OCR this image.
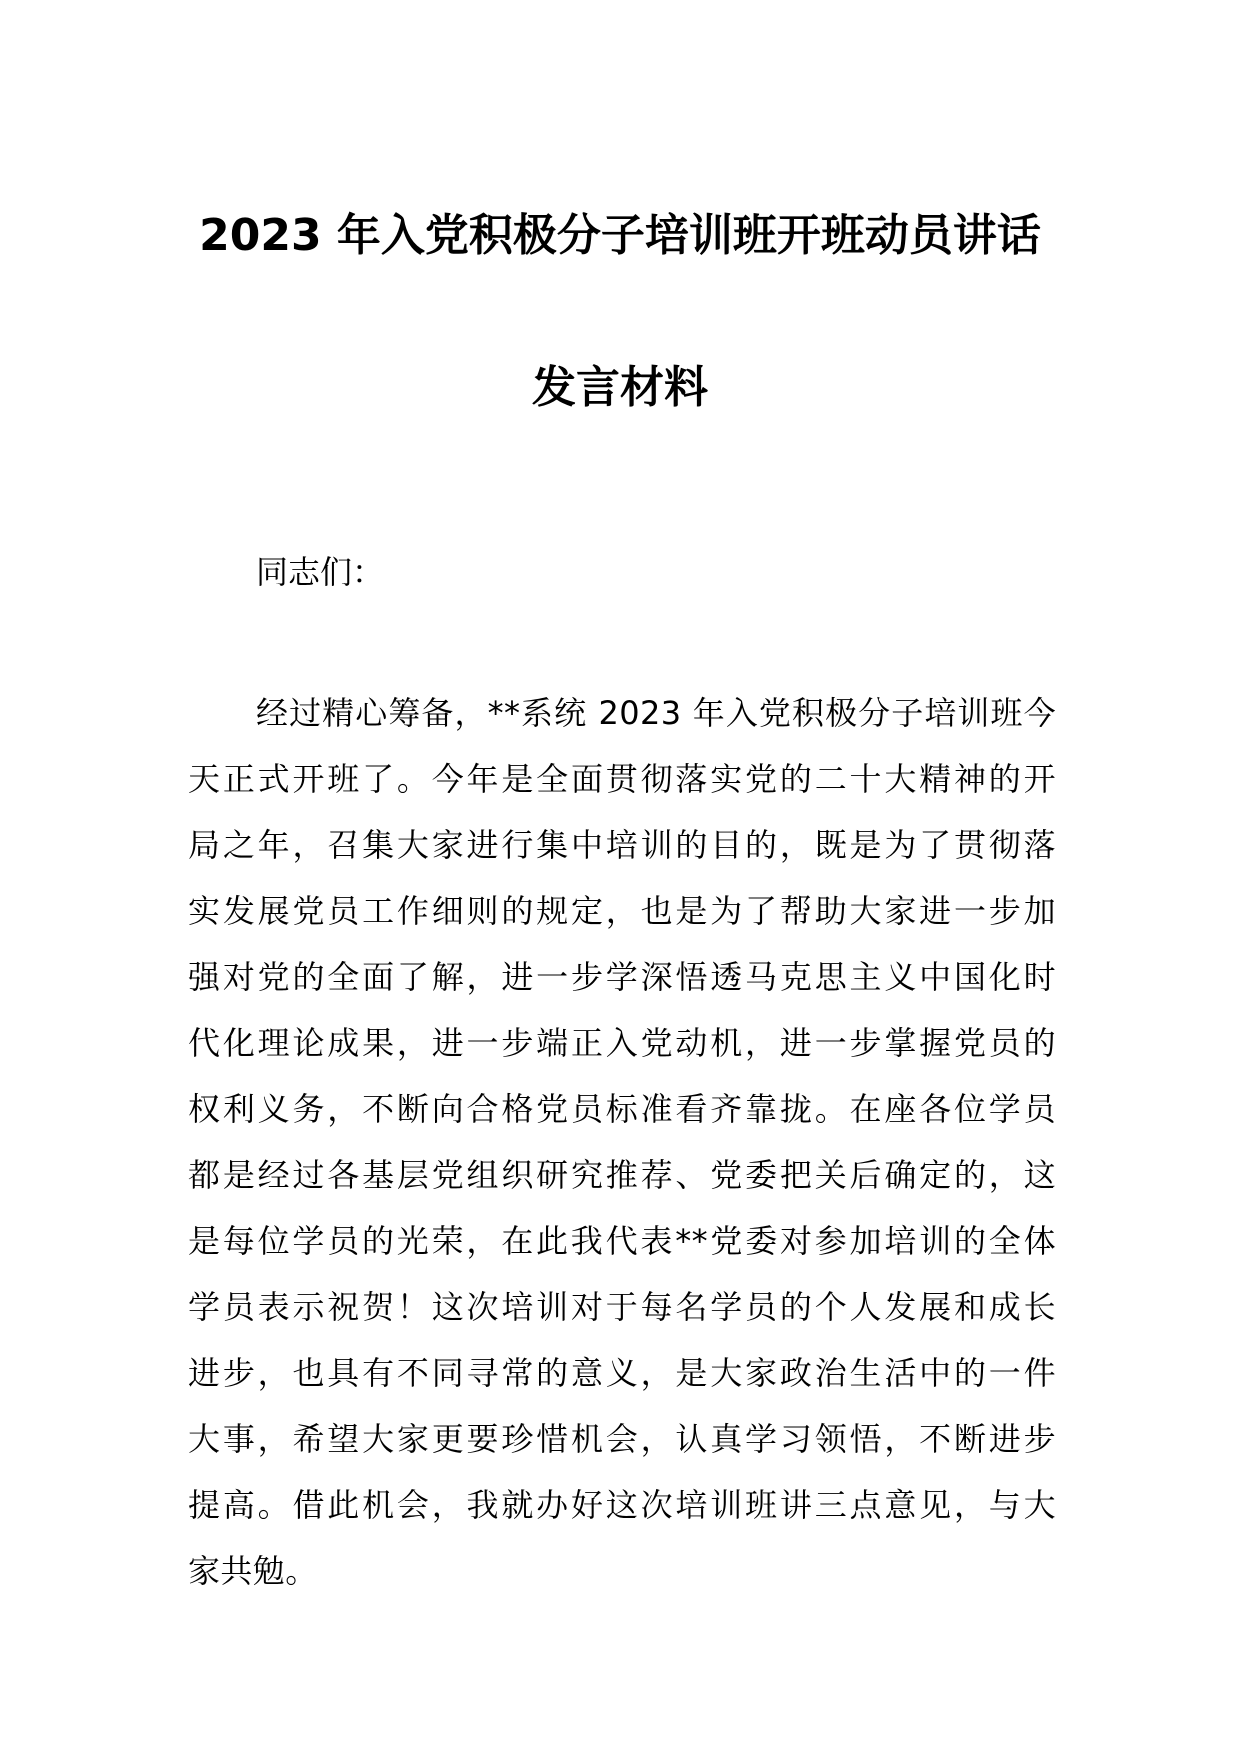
2023 年入党积极分子培训班开班动员讲话
发言材料

同志们：

经过精心筹备，**系统 2023 年入党积极分子培训班今
天正式开班了。今年是全面贯彻落实党的二十大精神的开
局之年，召集大家进行集中培训的目的，既是为了贯彻落
实发展党员工作细则的规定，也是为了帮助大家进一步加
强对党的全面了解，进一步学深悟透马克思主义中国化时
代化理论成果，进一步端正入党动机，进一步掌握党员的
权利义务，不断向合格党员标准看齐靠拢。在座各位学员
都是经过各基层党组织研究推荐、党委把关后确定的，这
是每位学员的光荣，在此我代表**党委对参加培训的全体
学员表示祝贺！这次培训对于每名学员的个人发展和成长
进步，也具有不同寻常的意义，是大家政治生活中的一件
大事，希望大家更要珍惜机会，认真学习领悟，不断进步
提高。借此机会，我就办好这次培训班讲三点意见，与大
家共勉。
